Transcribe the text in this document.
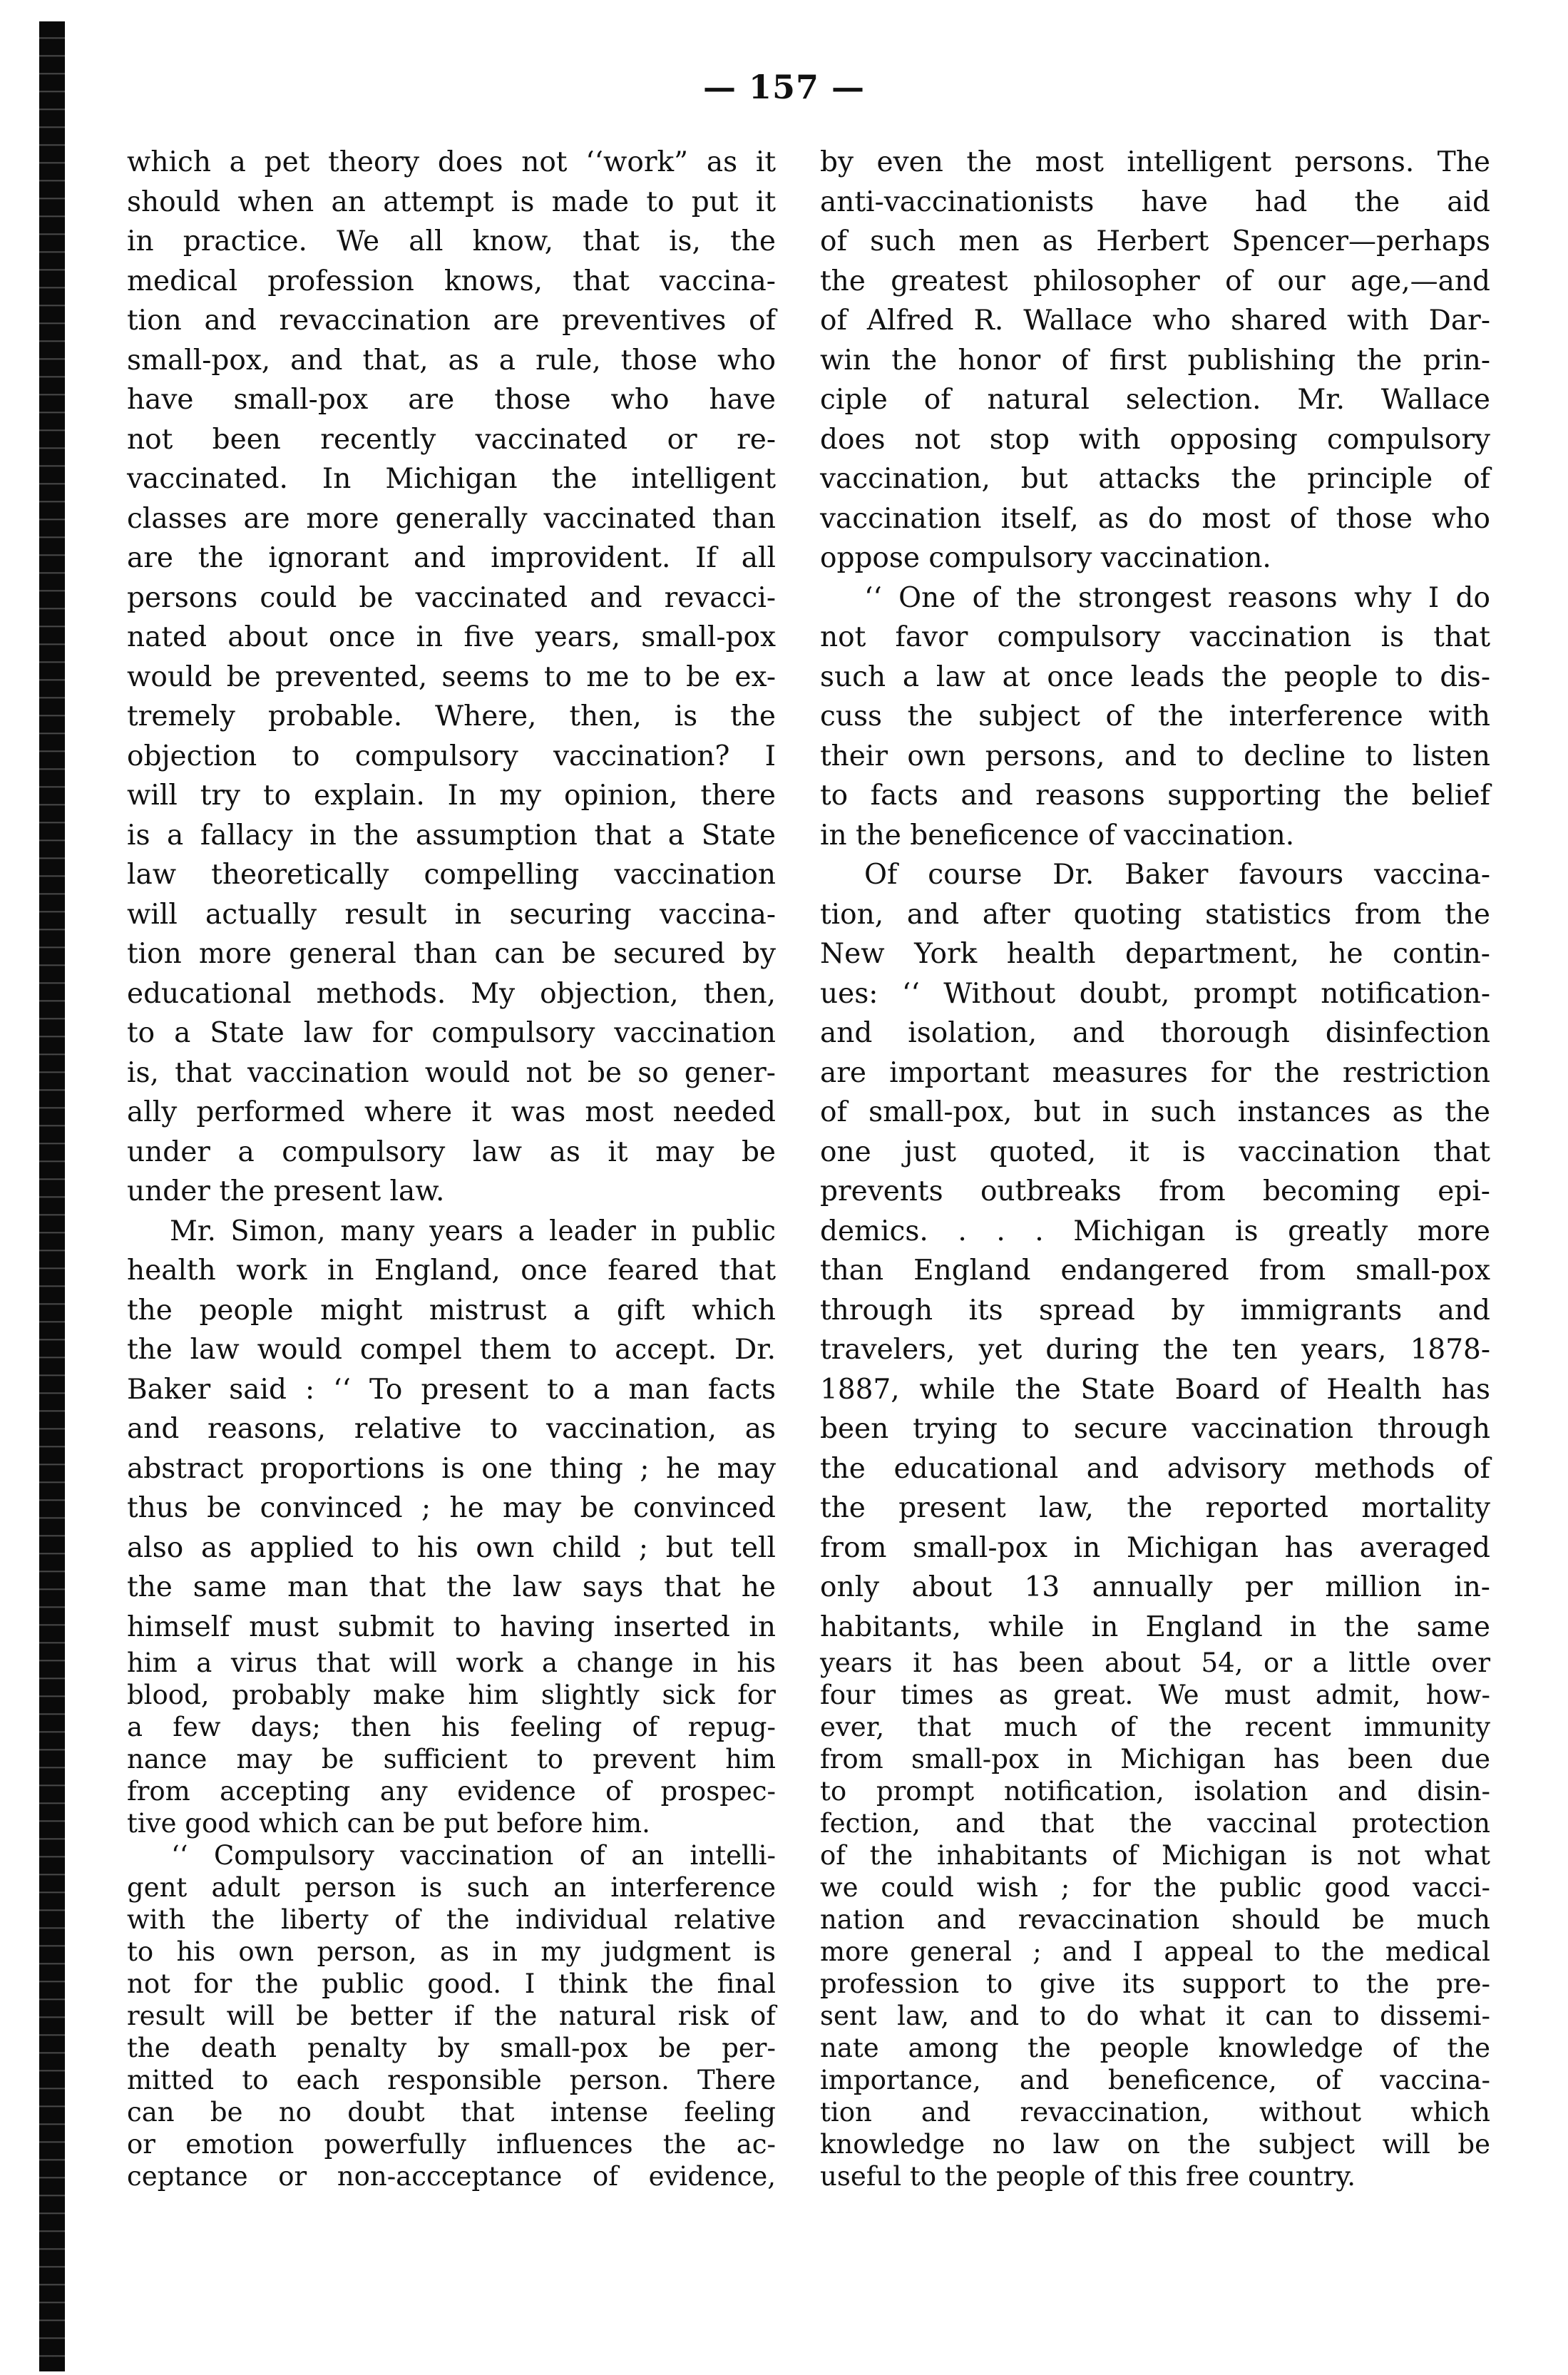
— 157 —
which a pet theory does not ‘‘work” as it
should when an attempt is made to put it
in practice. We all know, that is, the
medical profession knows, that vaccina-
tion and revaccination are preventives of
small-pox, and that, as a rule, those who
have small-pox are those who have
not been recently vaccinated or re-
vaccinated. In Michigan the intelligent
classes are more generally vaccinated than
are the ignorant and improvident. If all
persons could be vaccinated and revacci-
nated about once in five years, small-pox
would be prevented, seems to me to be ex-
tremely probable. Where, then, is the
objection to compulsory vaccination? I
will try to explain. In my opinion, there
is a fallacy in the assumption that a State
law theoretically compelling vaccination
will actually result in securing vaccina-
tion more general than can be secured by
educational methods. My objection, then,
to a State law for compulsory vaccination
is, that vaccination would not be so gener-
ally performed where it was most needed
under a compulsory law as it may be
under the present law.
Mr. Simon, many years a leader in public
health work in England, once feared that
the people might mistrust a gift which
the law would compel them to accept. Dr.
Baker said : ‘‘ To present to a man facts
and reasons, relative to vaccination, as
abstract proportions is one thing ; he may
thus be convinced ; he may be convinced
also as applied to his own child ; but tell
the same man that the law says that he
himself must submit to having inserted in
him a virus that will work a change in his
blood, probably make him slightly sick for
a few days; then his feeling of repug-
nance may be sufficient to prevent him
from accepting any evidence of prospec-
tive good which can be put before him.
‘‘ Compulsory vaccination of an intelli-
gent adult person is such an interference
with the liberty of the individual relative
to his own person, as in my judgment is
not for the public good. I think the final
result will be better if the natural risk of
the death penalty by small-pox be per-
mitted to each responsible person. There
can be no doubt that intense feeling
or emotion powerfully influences the ac-
ceptance or non-accceptance of evidence,
by even the most intelligent persons. The
anti-vaccinationists have had the aid
of such men as Herbert Spencer—perhaps
the greatest philosopher of our age,—and
of Alfred R. Wallace who shared with Dar-
win the honor of first publishing the prin-
ciple of natural selection. Mr. Wallace
does not stop with opposing compulsory
vaccination, but attacks the principle of
vaccination itself, as do most of those who
oppose compulsory vaccination.
‘‘ One of the strongest reasons why I do
not favor compulsory vaccination is that
such a law at once leads the people to dis-
cuss the subject of the interference with
their own persons, and to decline to listen
to facts and reasons supporting the belief
in the beneficence of vaccination.
Of course Dr. Baker favours vaccina-
tion, and after quoting statistics from the
New York health department, he contin-
ues: ‘‘ Without doubt, prompt notification-
and isolation, and thorough disinfection
are important measures for the restriction
of small-pox, but in such instances as the
one just quoted, it is vaccination that
prevents outbreaks from becoming epi-
demics. . . . Michigan is greatly more
than England endangered from small-pox
through its spread by immigrants and
travelers, yet during the ten years, 1878-
1887, while the State Board of Health has
been trying to secure vaccination through
the educational and advisory methods of
the present law, the reported mortality
from small-pox in Michigan has averaged
only about 13 annually per million in-
habitants, while in England in the same
years it has been about 54, or a little over
four times as great. We must admit, how-
ever, that much of the recent immunity
from small-pox in Michigan has been due
to prompt notification, isolation and disin-
fection, and that the vaccinal protection
of the inhabitants of Michigan is not what
we could wish ; for the public good vacci-
nation and revaccination should be much
more general ; and I appeal to the medical
profession to give its support to the pre-
sent law, and to do what it can to dissemi-
nate among the people knowledge of the
importance, and beneficence, of vaccina-
tion and revaccination, without which
knowledge no law on the subject will be
useful to the people of this free country.
